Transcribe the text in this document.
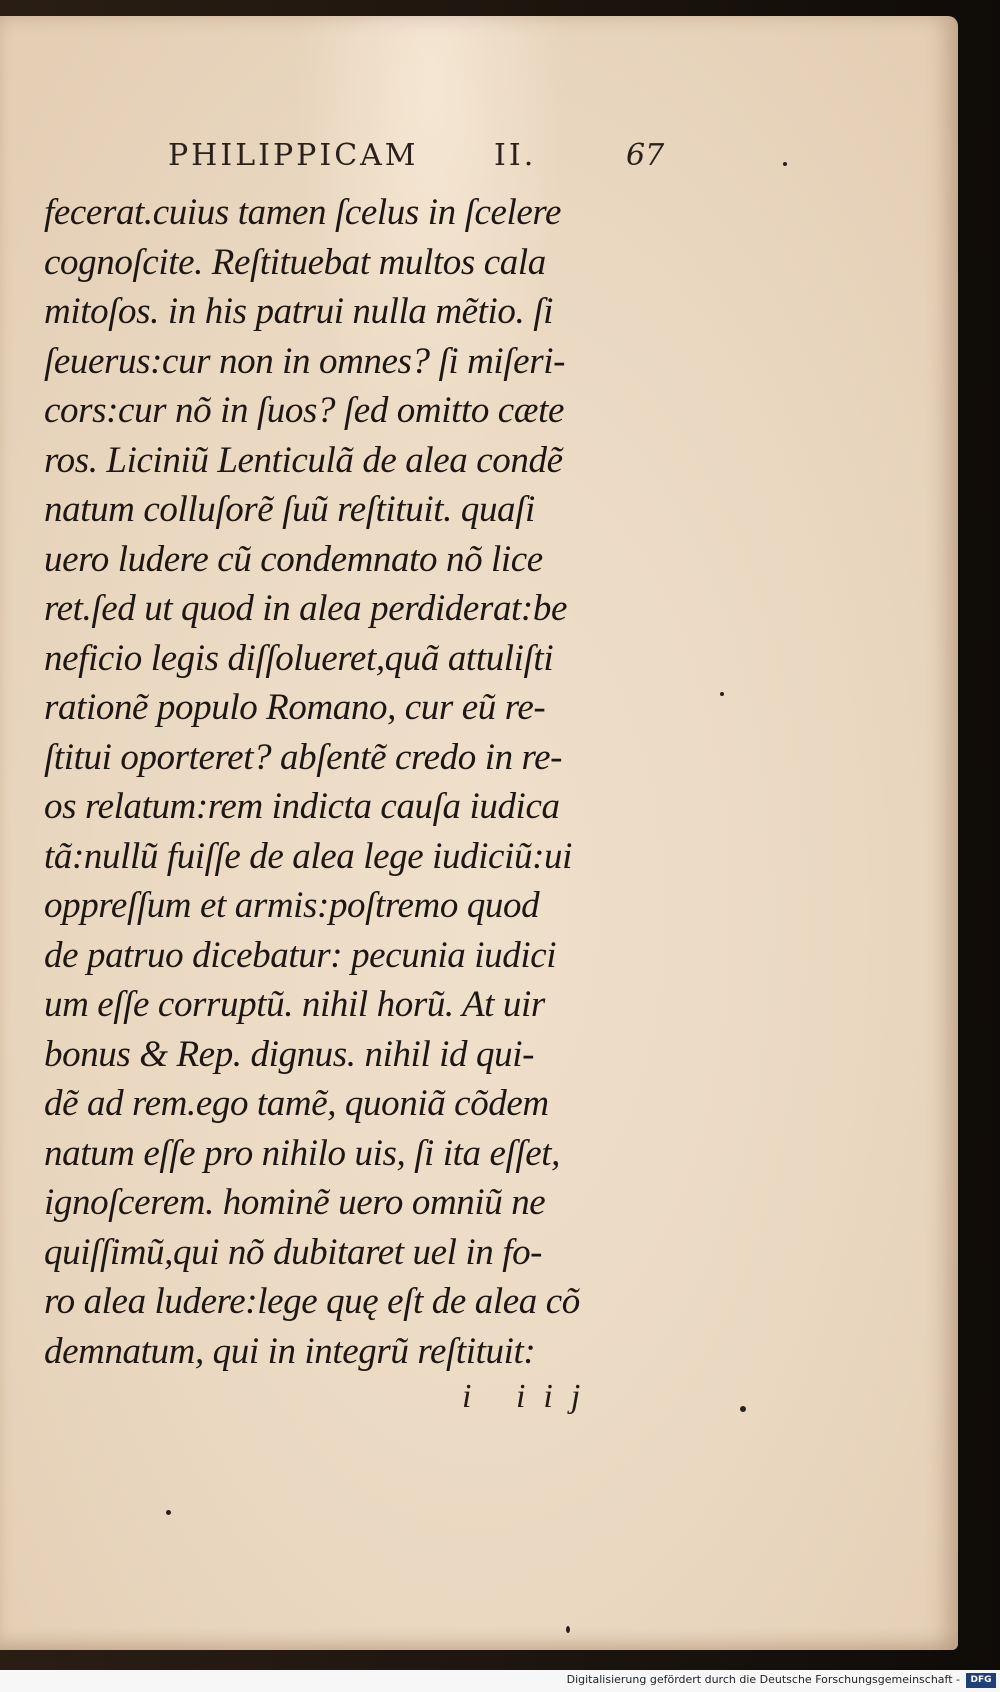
PHILIPPICAM	II.	67
fecerat.cuius tamen ſcelus in ſcelere
cognoſcite. Reſtituebat multos cala
mitoſos. in his patrui nulla mẽtio. ſi
ſeuerus:cur non in omnes? ſi miſeri-
cors:cur nõ in ſuos? ſed omitto cæte
ros. Liciniũ Lenticulã de alea condẽ
natum colluſorẽ ſuũ reſtituit. quaſi
uero ludere cũ condemnato nõ lice
ret.ſed ut quod in alea perdiderat:be
neficio legis diſſolueret,quã attuliſti
rationẽ populo Romano, cur eũ re-
ſtitui oporteret? abſentẽ credo in re-
os relatum:rem indicta cauſa iudica
tã:nullũ fuiſſe de alea lege iudiciũ:ui
oppreſſum et armis:poſtremo quod
de patruo dicebatur: pecunia iudici
um eſſe corruptũ. nihil horũ. At uir
bonus & Rep. dignus. nihil id qui-
dẽ ad rem.ego tamẽ, quoniã cõdem
natum eſſe pro nihilo uis, ſi ita eſſet,
ignoſcerem. hominẽ uero omniũ ne
quiſſimũ,qui nõ dubitaret uel in fo-
ro alea ludere:lege quę eſt de alea cõ
demnatum, qui in integrũ reſtituit:
i iij
Digitalisierung gefördert durch die Deutsche Forschungsgemeinschaft -	DFG
